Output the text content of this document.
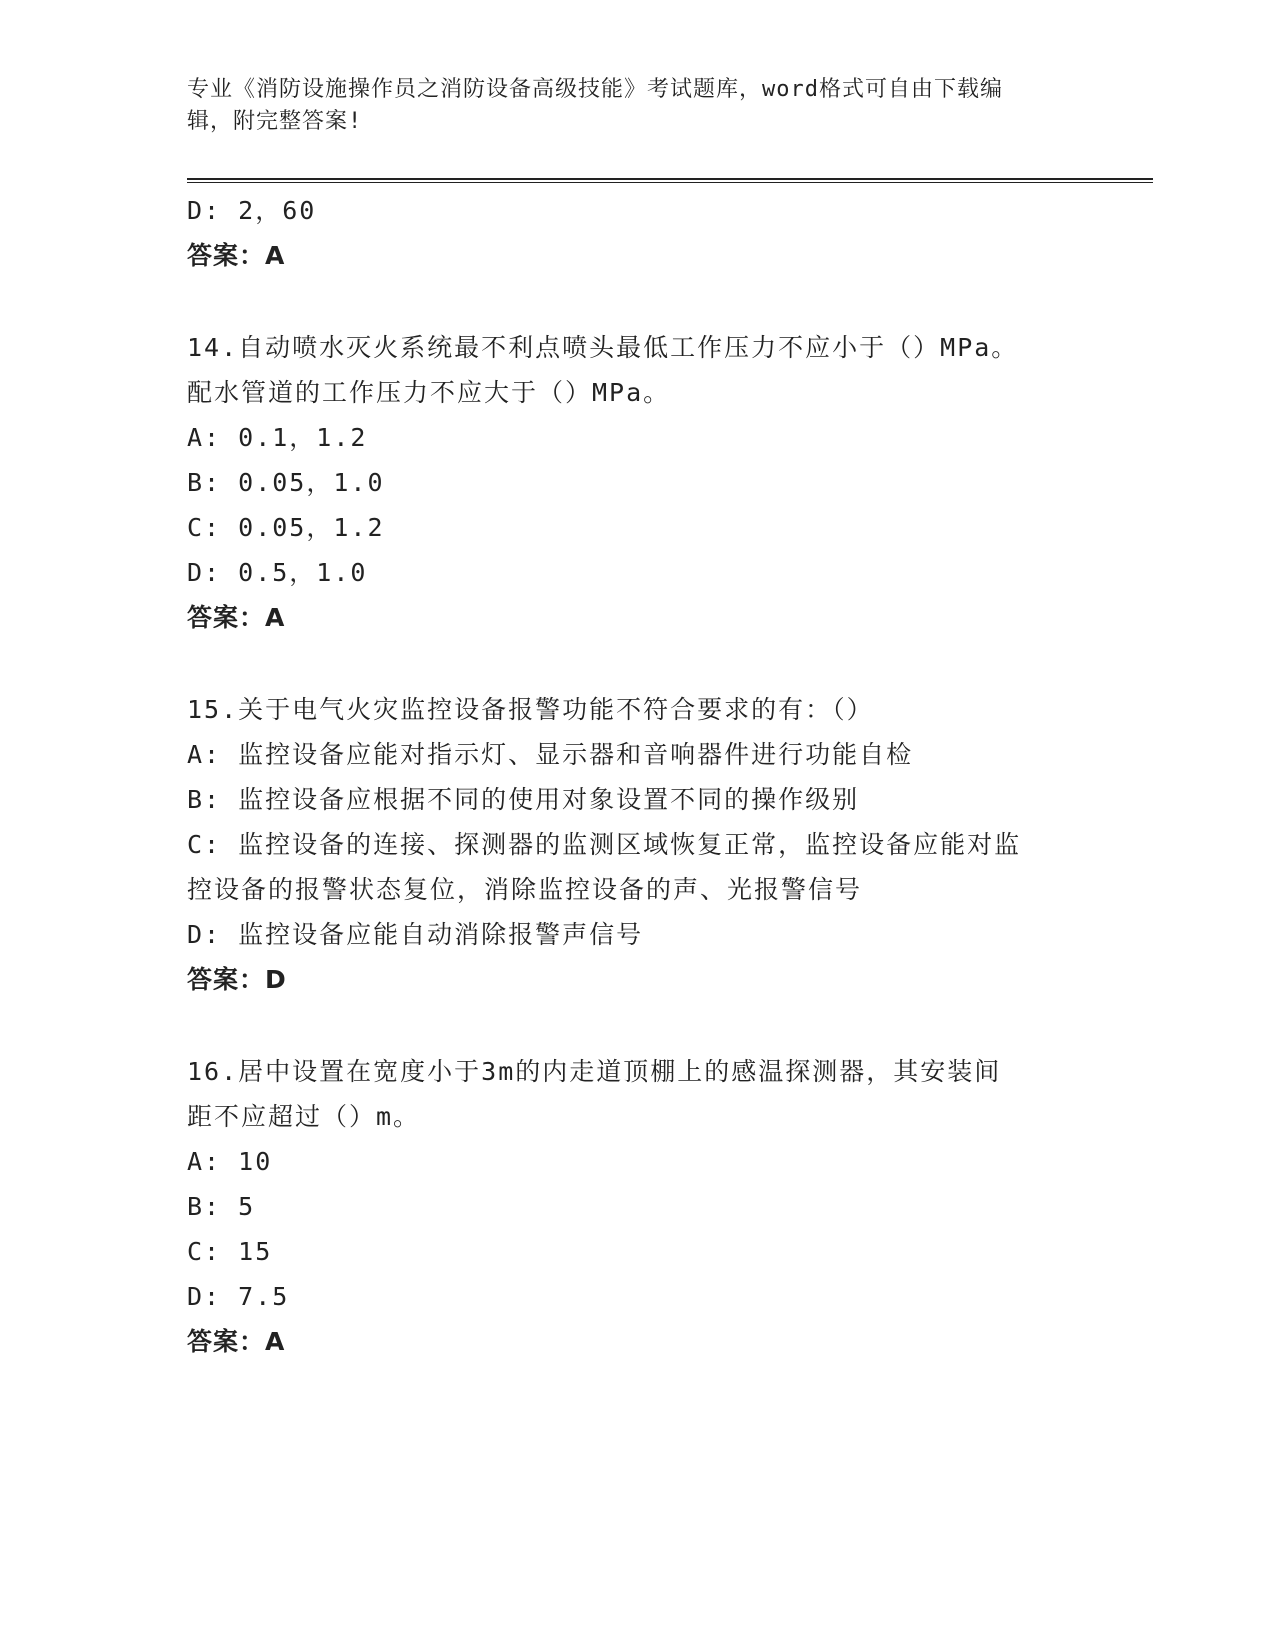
专业《消防设施操作员之消防设备高级技能》考试题库，word格式可自由下载编
辑，附完整答案!

D: 2，60

答案：A

14.自动喷水灭火系统最不利点喷头最低工作压力不应小于（）MPa。

配水管道的工作压力不应大于（）MPa。

A: 0.1，1.2

B: 0.05，1.0

C: 0.05，1.2

D: 0.5，1.0

答案：A

15.关于电气火灾监控设备报警功能不符合要求的有：（）

A: 监控设备应能对指示灯、显示器和音响器件进行功能自检

B: 监控设备应根据不同的使用对象设置不同的操作级别

C: 监控设备的连接、探测器的监测区域恢复正常，监控设备应能对监

控设备的报警状态复位，消除监控设备的声、光报警信号

D: 监控设备应能自动消除报警声信号

答案：D

16.居中设置在宽度小于3m的内走道顶棚上的感温探测器，其安装间

距不应超过（）m。

A: 10

B: 5

C: 15

D: 7.5

答案：A
